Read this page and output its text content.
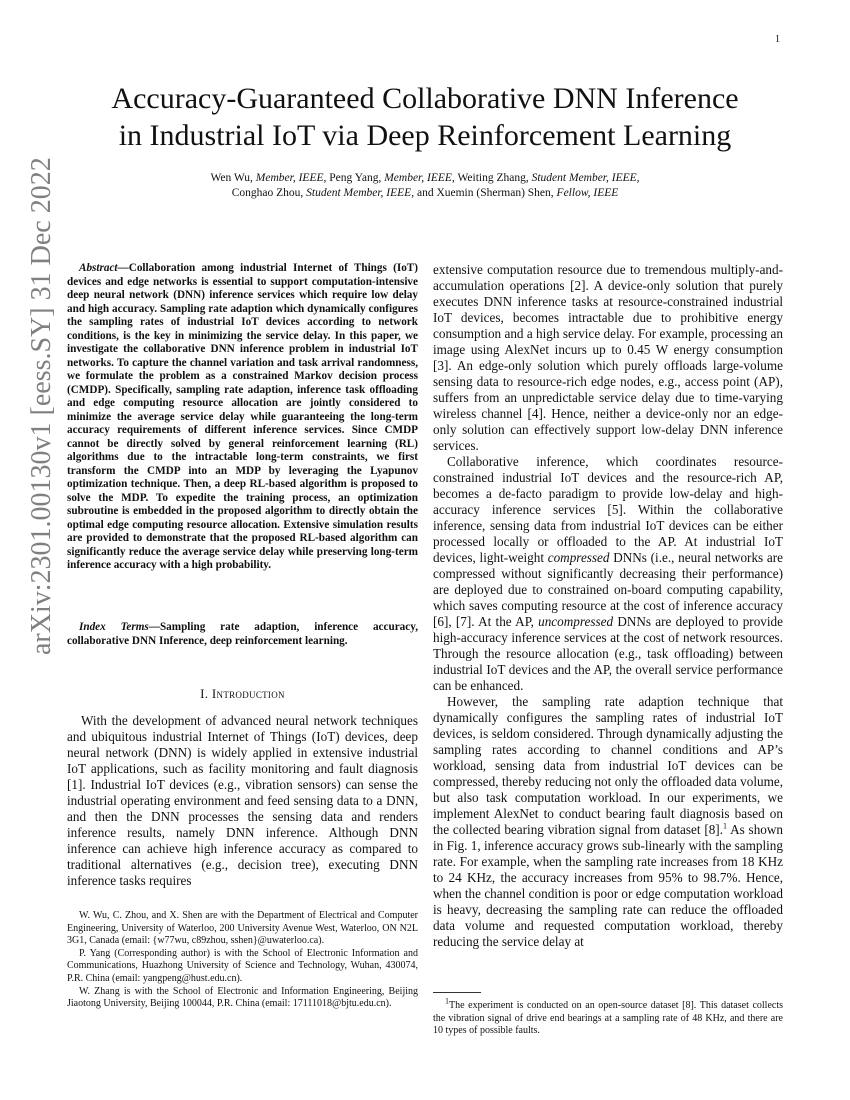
1
Accuracy-Guaranteed Collaborative DNN Inference
in Industrial IoT via Deep Reinforcement Learning
Wen Wu, Member, IEEE, Peng Yang, Member, IEEE, Weiting Zhang, Student Member, IEEE,
Conghao Zhou, Student Member, IEEE, and Xuemin (Sherman) Shen, Fellow, IEEE
arXiv:2301.00130v1 [eess.SY] 31 Dec 2022	Abstract—Collaboration among industrial Internet of Things (IoT) devices and edge networks is essential to support computation-intensive deep neural network (DNN) inference services which require low delay and high accuracy. Sampling rate adaption which dynamically configures the sampling rates of industrial IoT devices according to network conditions, is the key in minimizing the service delay. In this paper, we investigate the collaborative DNN inference problem in industrial IoT networks. To capture the channel variation and task arrival randomness, we formulate the problem as a constrained Markov decision process (CMDP). Specifically, sampling rate adaption, inference task offloading and edge computing resource allocation are jointly considered to minimize the average service delay while guaranteeing the long-term accuracy requirements of different inference services. Since CMDP cannot be directly solved by general reinforcement learning (RL) algorithms due to the intractable long-term constraints, we first transform the CMDP into an MDP by leveraging the Lyapunov optimization technique. Then, a deep RL-based algorithm is proposed to solve the MDP. To expedite the training process, an optimization subroutine is embedded in the proposed algorithm to directly obtain the optimal edge computing resource allocation. Extensive simulation results are provided to demonstrate that the proposed RL-based algorithm can significantly reduce the average service delay while preserving long-term inference accuracy with a high probability.

Index Terms—Sampling rate adaption, inference accuracy, collaborative DNN Inference, deep reinforcement learning.

I. Introduction

With the development of advanced neural network techniques and ubiquitous industrial Internet of Things (IoT) devices, deep neural network (DNN) is widely applied in extensive industrial IoT applications, such as facility monitoring and fault diagnosis [1]. Industrial IoT devices (e.g., vibration sensors) can sense the industrial operating environment and feed sensing data to a DNN, and then the DNN processes the sensing data and renders inference results, namely DNN inference. Although DNN inference can achieve high inference accuracy as compared to traditional alternatives (e.g., decision tree), executing DNN inference tasks requires

W. Wu, C. Zhou, and X. Shen are with the Department of Electrical and Computer Engineering, University of Waterloo, 200 University Avenue West, Waterloo, ON N2L 3G1, Canada (email: {w77wu, c89zhou, sshen}@uwaterloo.ca).

P. Yang (Corresponding author) is with the School of Electronic Information and Communications, Huazhong University of Science and Technology, Wuhan, 430074, P.R. China (email: yangpeng@hust.edu.cn).

W. Zhang is with the School of Electronic and Information Engineering, Beijing Jiaotong University, Beijing 100044, P.R. China (email: 17111018@bjtu.edu.cn).

extensive computation resource due to tremendous multiply-and-accumulation operations [2]. A device-only solution that purely executes DNN inference tasks at resource-constrained industrial IoT devices, becomes intractable due to prohibitive energy consumption and a high service delay. For example, processing an image using AlexNet incurs up to 0.45 W energy consumption [3]. An edge-only solution which purely offloads large-volume sensing data to resource-rich edge nodes, e.g., access point (AP), suffers from an unpredictable service delay due to time-varying wireless channel [4]. Hence, neither a device-only nor an edge-only solution can effectively support low-delay DNN inference services.

Collaborative inference, which coordinates resource-constrained industrial IoT devices and the resource-rich AP, becomes a de-facto paradigm to provide low-delay and high-accuracy inference services [5]. Within the collaborative inference, sensing data from industrial IoT devices can be either processed locally or offloaded to the AP. At industrial IoT devices, light-weight compressed DNNs (i.e., neural networks are compressed without significantly decreasing their performance) are deployed due to constrained on-board computing capability, which saves computing resource at the cost of inference accuracy [6], [7]. At the AP, uncompressed DNNs are deployed to provide high-accuracy inference services at the cost of network resources. Through the resource allocation (e.g., task offloading) between industrial IoT devices and the AP, the overall service performance can be enhanced.

However, the sampling rate adaption technique that dynamically configures the sampling rates of industrial IoT devices, is seldom considered. Through dynamically adjusting the sampling rates according to channel conditions and AP’s workload, sensing data from industrial IoT devices can be compressed, thereby reducing not only the offloaded data volume, but also task computation workload. In our experiments, we implement AlexNet to conduct bearing fault diagnosis based on the collected bearing vibration signal from dataset [8].$^1$ As shown in Fig. 1, inference accuracy grows sub-linearly with the sampling rate. For example, when the sampling rate increases from 18 KHz to 24 KHz, the accuracy increases from 95% to 98.7%. Hence, when the channel condition is poor or edge computation workload is heavy, decreasing the sampling rate can reduce the offloaded data volume and requested computation workload, thereby reducing the service delay at

$^1$The experiment is conducted on an open-source dataset [8]. This dataset collects the vibration signal of drive end bearings at a sampling rate of 48 KHz, and there are 10 types of possible faults.
